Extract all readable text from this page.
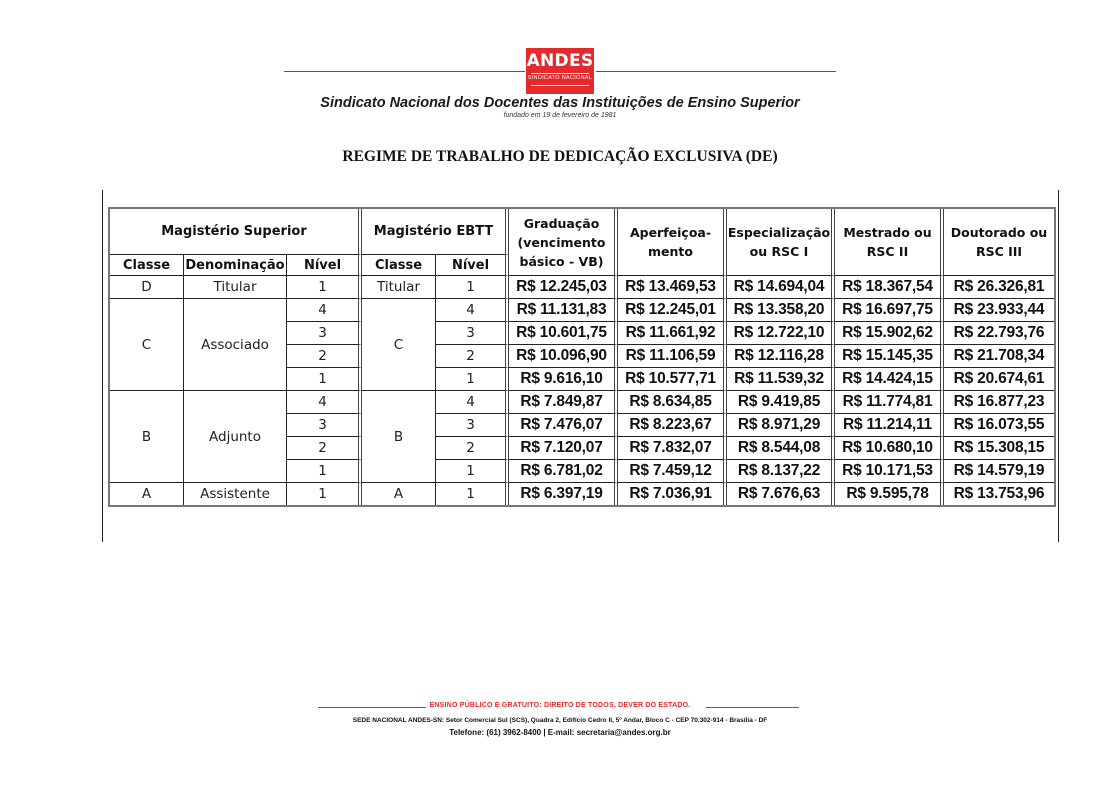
ANDES
SINDICATO NACIONAL
Sindicato Nacional dos Docentes das Instituições de Ensino Superior
fundado em 19 de fevereiro de 1981
REGIME DE TRABALHO DE DEDICAÇÃO EXCLUSIVA (DE)
Magistério Superior			Magistério EBTT		Graduação (vencimento básico - VB)	Aperfeiçoa- mento	Especialização ou RSC I	Mestrado ou RSC II	Doutorado ou RSC III
Classe	Denominação	Nível	Classe	Nível					
D	Titular	1	Titular	1	R$ 12.245,03	R$ 13.469,53	R$ 14.694,04	R$ 18.367,54	R$ 26.326,81
C	Associado	4	C	4	R$ 11.131,83	R$ 12.245,01	R$ 13.358,20	R$ 16.697,75	R$ 23.933,44
		3		3	R$ 10.601,75	R$ 11.661,92	R$ 12.722,10	R$ 15.902,62	R$ 22.793,76
		2		2	R$ 10.096,90	R$ 11.106,59	R$ 12.116,28	R$ 15.145,35	R$ 21.708,34
		1		1	R$ 9.616,10	R$ 10.577,71	R$ 11.539,32	R$ 14.424,15	R$ 20.674,61
B	Adjunto	4	B	4	R$ 7.849,87	R$ 8.634,85	R$ 9.419,85	R$ 11.774,81	R$ 16.877,23
		3		3	R$ 7.476,07	R$ 8.223,67	R$ 8.971,29	R$ 11.214,11	R$ 16.073,55
		2		2	R$ 7.120,07	R$ 7.832,07	R$ 8.544,08	R$ 10.680,10	R$ 15.308,15
		1		1	R$ 6.781,02	R$ 7.459,12	R$ 8.137,22	R$ 10.171,53	R$ 14.579,19
A	Assistente	1	A	1	R$ 6.397,19	R$ 7.036,91	R$ 7.676,63	R$ 9.595,78	R$ 13.753,96
ENSINO PÚBLICO E GRATUITO: DIREITO DE TODOS, DEVER DO ESTADO.
SEDE NACIONAL ANDES-SN: Setor Comercial Sul (SCS), Quadra 2, Edifício Cedro II, 5º Andar, Bloco C - CEP 70.302-914 - Brasília - DF
Telefone: (61) 3962-8400 | E-mail: secretaria@andes.org.br
